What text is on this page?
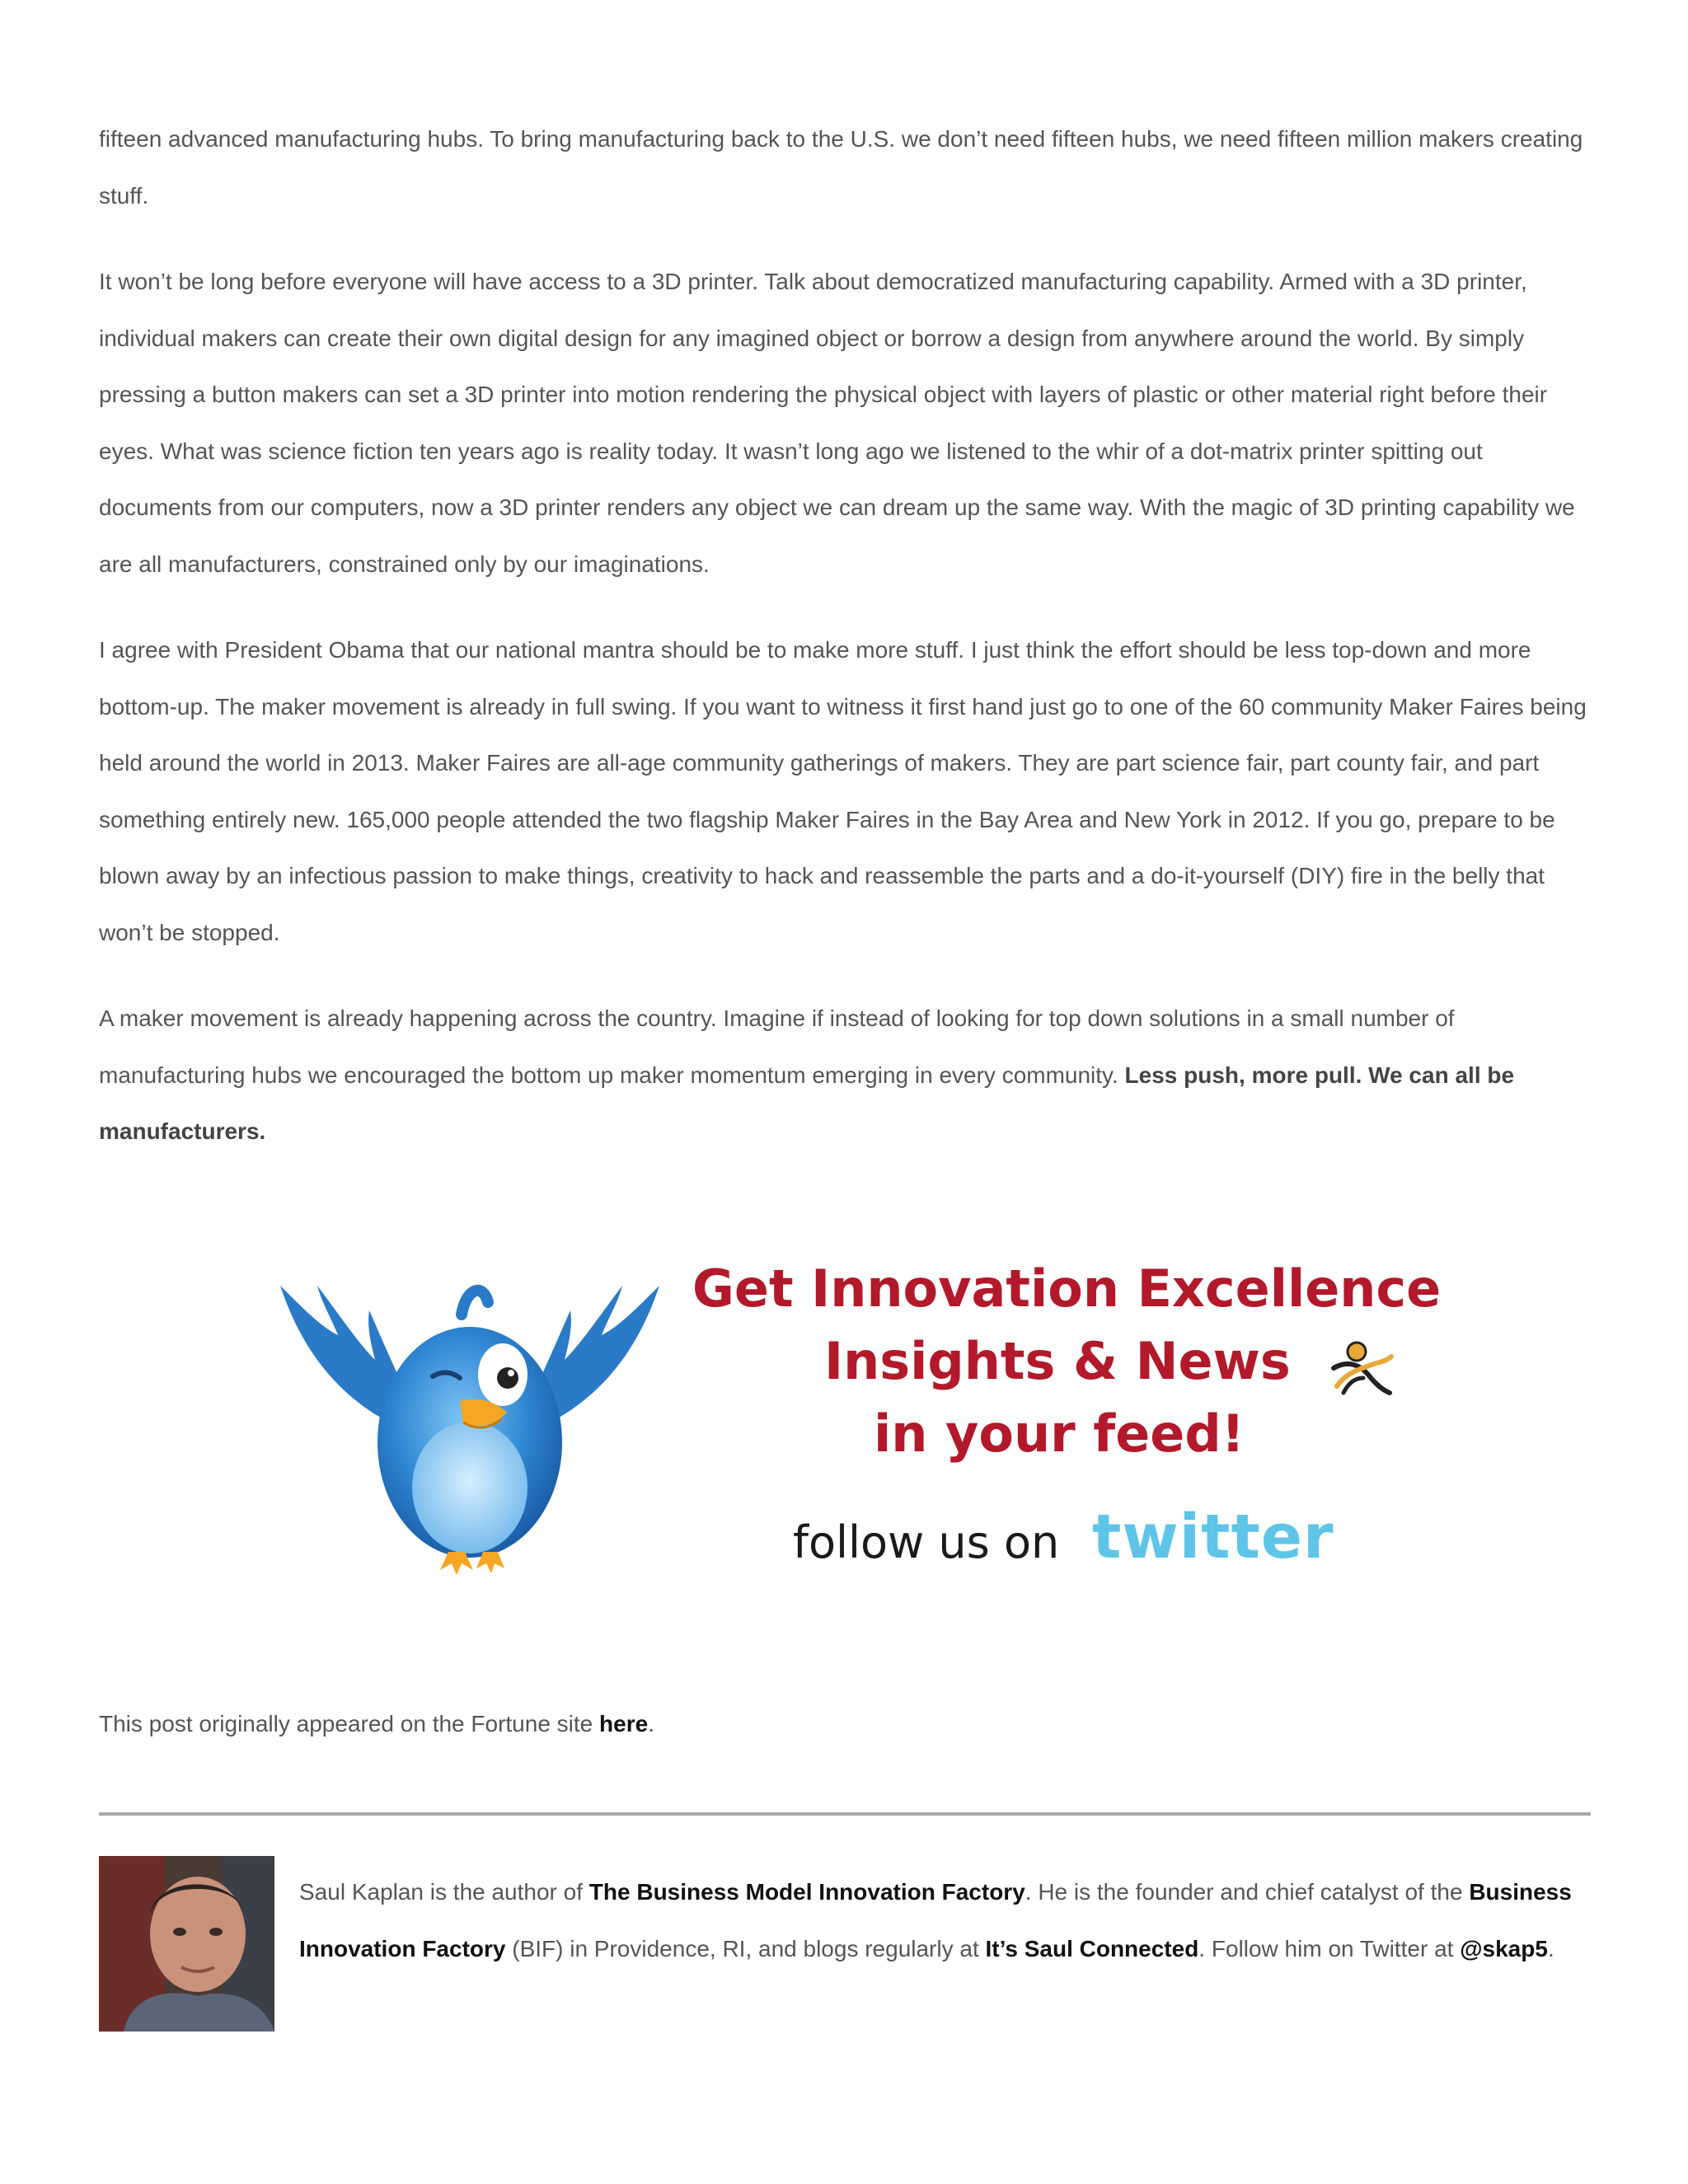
fifteen advanced manufacturing hubs. To bring manufacturing back to the U.S. we don’t need fifteen hubs, we need fifteen million makers creating stuff.

It won’t be long before everyone will have access to a 3D printer. Talk about democratized manufacturing capability. Armed with a 3D printer, individual makers can create their own digital design for any imagined object or borrow a design from anywhere around the world. By simply pressing a button makers can set a 3D printer into motion rendering the physical object with layers of plastic or other material right before their eyes. What was science fiction ten years ago is reality today. It wasn’t long ago we listened to the whir of a dot-matrix printer spitting out documents from our computers, now a 3D printer renders any object we can dream up the same way. With the magic of 3D printing capability we are all manufacturers, constrained only by our imaginations.

I agree with President Obama that our national mantra should be to make more stuff. I just think the effort should be less top-down and more bottom-up. The maker movement is already in full swing. If you want to witness it first hand just go to one of the 60 community Maker Faires being held around the world in 2013. Maker Faires are all-age community gatherings of makers. They are part science fair, part county fair, and part something entirely new. 165,000 people attended the two flagship Maker Faires in the Bay Area and New York in 2012. If you go, prepare to be blown away by an infectious passion to make things, creativity to hack and reassemble the parts and a do-it-yourself (DIY) fire in the belly that won’t be stopped.

A maker movement is already happening across the country. Imagine if instead of looking for top down solutions in a small number of manufacturing hubs we encouraged the bottom up maker momentum emerging in every community. Less push, more pull. We can all be manufacturers.

Get Innovation Excellence
Insights & News
in your feed!
follow us on twitter

This post originally appeared on the Fortune site here.

Saul Kaplan is the author of The Business Model Innovation Factory. He is the founder and chief catalyst of the Business Innovation Factory (BIF) in Providence, RI, and blogs regularly at It’s Saul Connected. Follow him on Twitter at @skap5.
